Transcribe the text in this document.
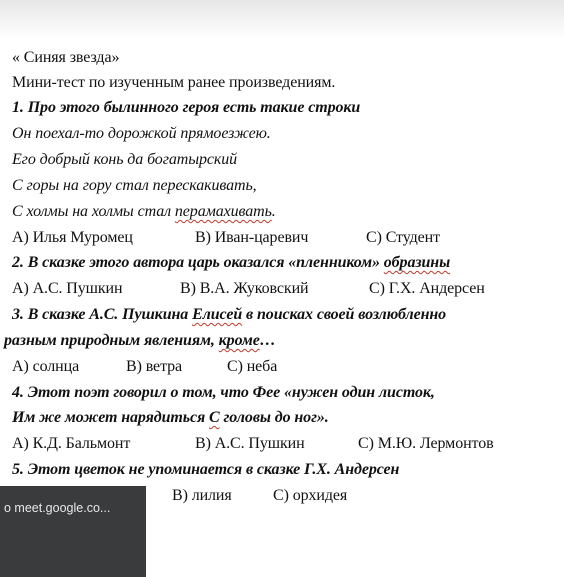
« Синяя звезда»
Мини-тест по изученным ранее произведениям.
1. Про этого былинного героя есть такие строки
Он поехал-то дорожкой прямоезжею.
Его добрый конь да богатырский
С горы на гору стал перескакивать,
С холмы на холмы стал перамахивать.
А) Илья Муромец	В) Иван-царевич	С) Студент
2. В сказке этого автора царь оказался «пленником» образины
А) А.С. Пушкин	В) В.А. Жуковский	С) Г.Х. Андерсен
3. В сказке А.С. Пушкина Елисей в поисках своей возлюбленно
разным природным явлениям, кроме…
А) солнца	В) ветра	С) неба
4. Этот поэт говорил о том, что Фее «нужен один листок,
Им же может нарядиться С головы до ног».
А) К.Д. Бальмонт	В) А.С. Пушкин	С) М.Ю. Лермонтов
5. Этот цветок не упоминается в сказке Г.Х. Андерсен
В) лилия	С) орхидея
о meet.google.co...
